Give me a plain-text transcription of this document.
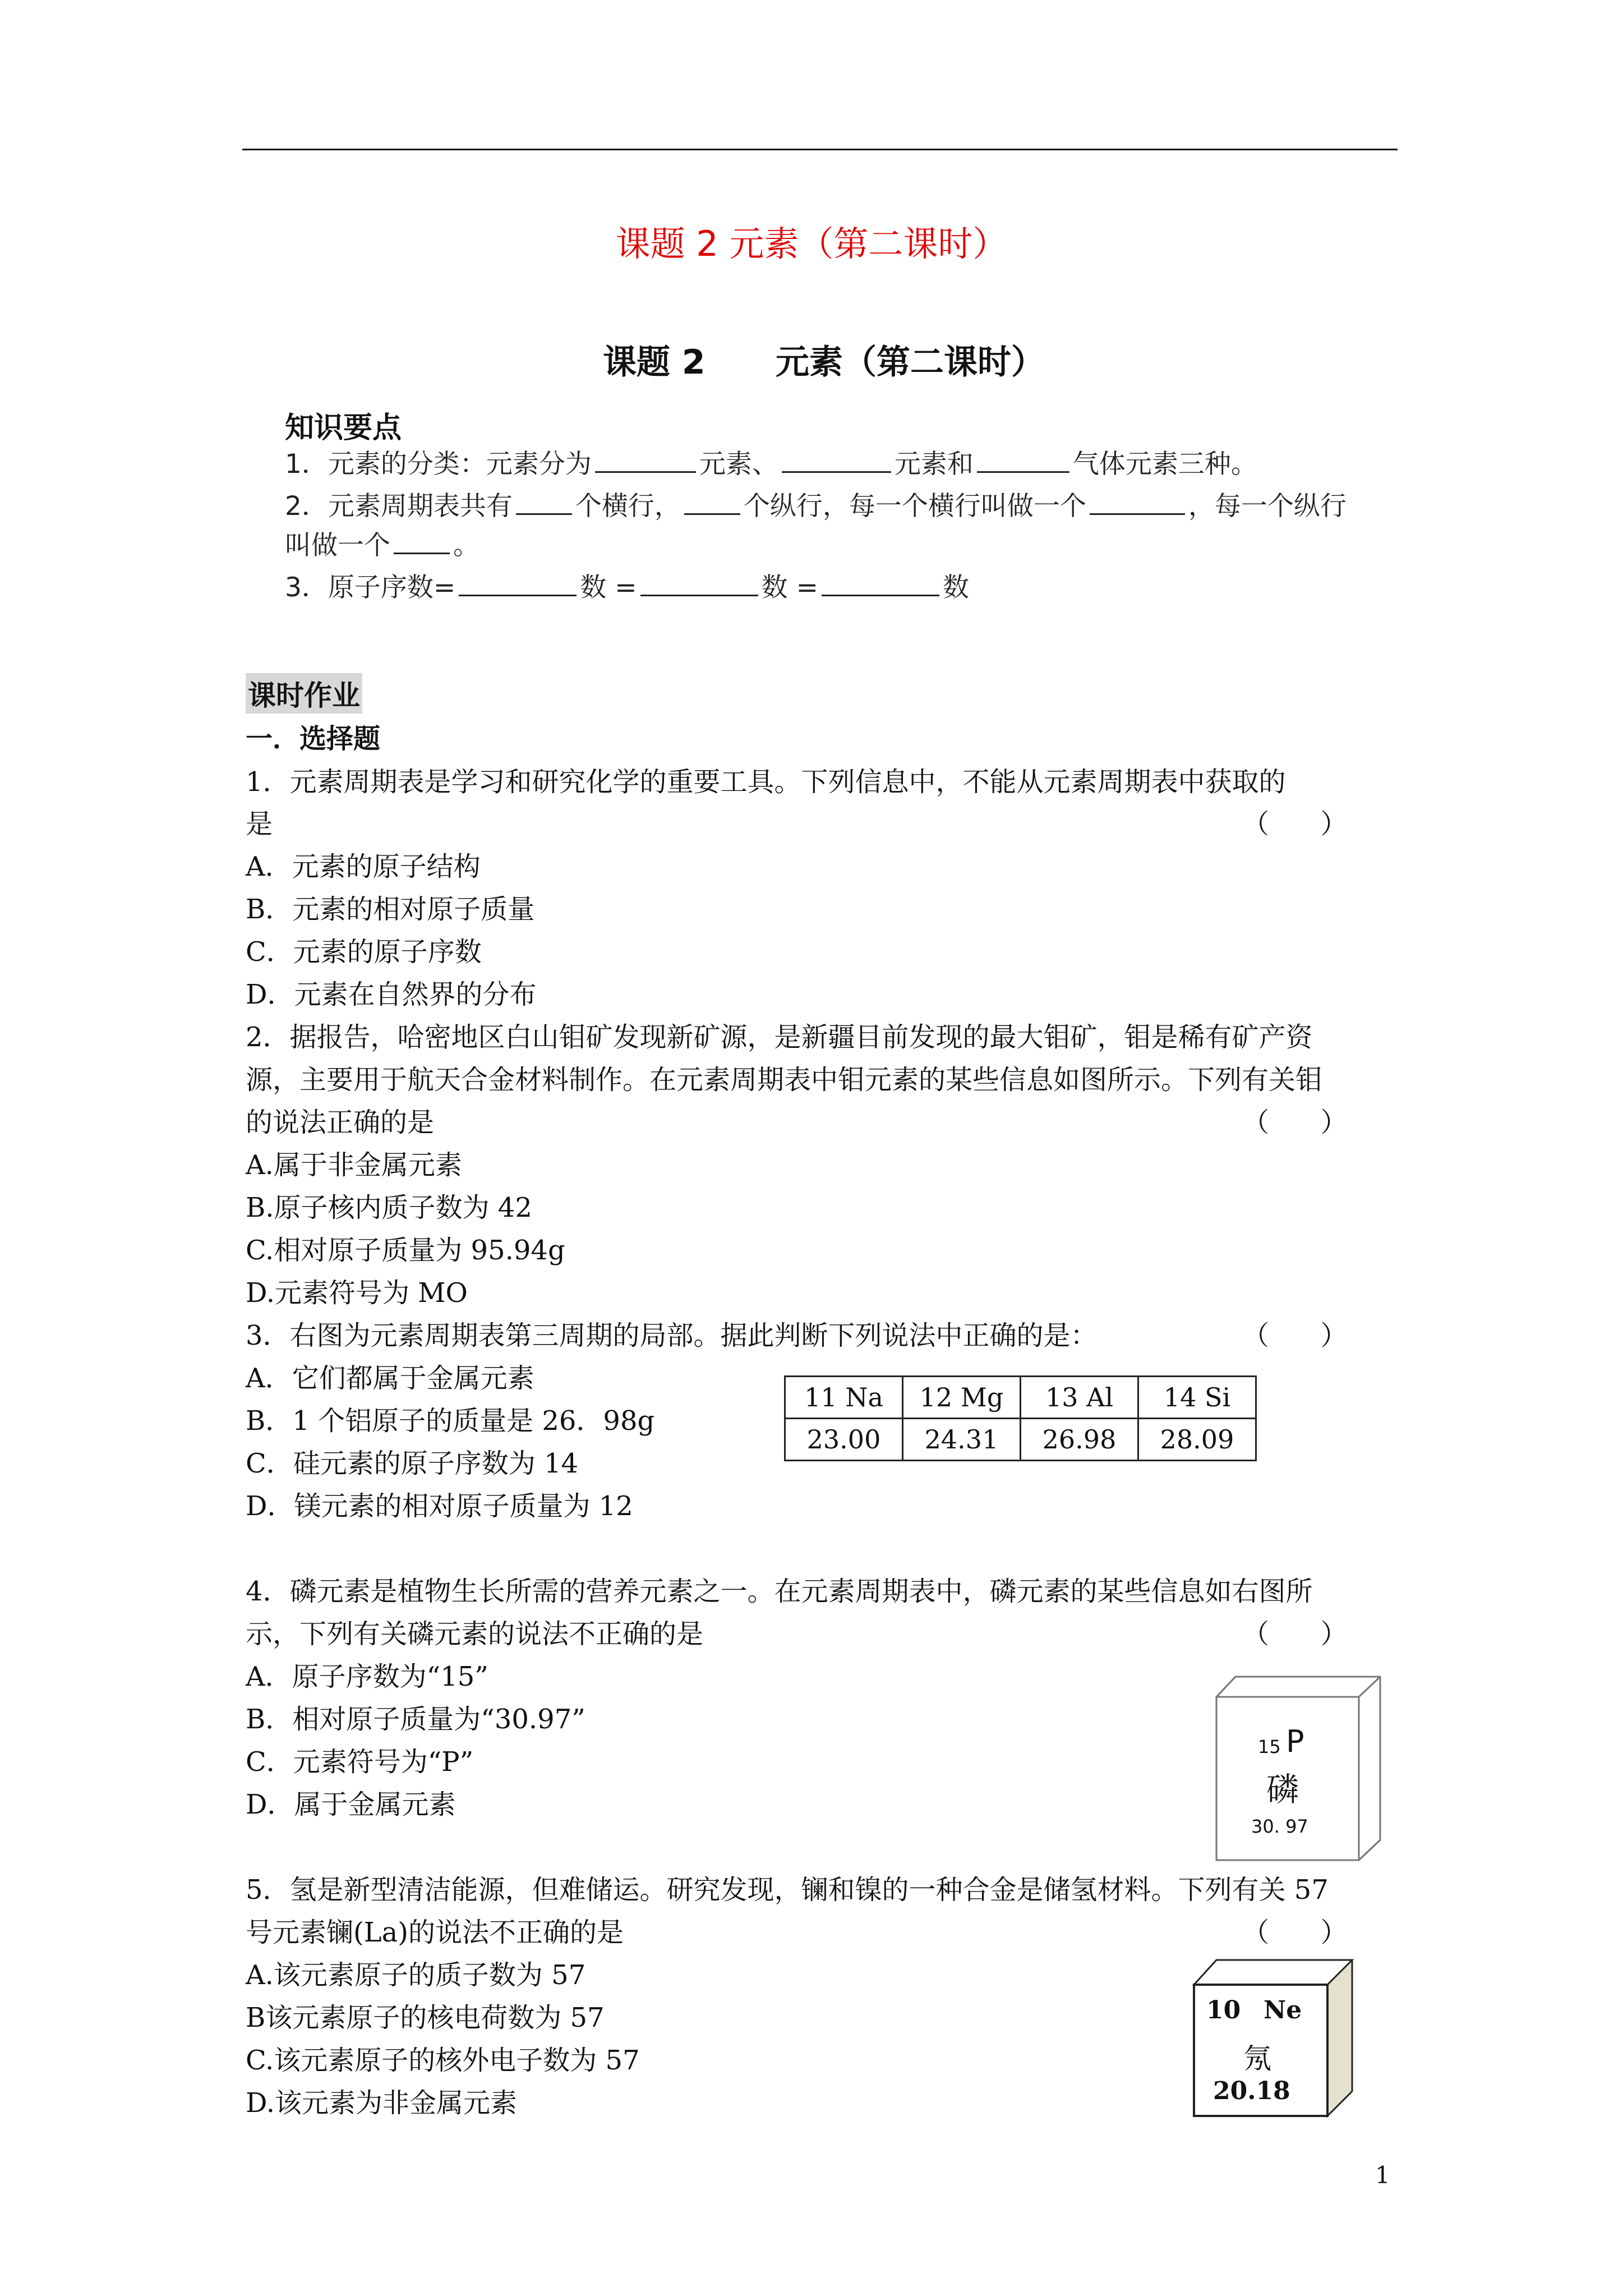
课题 2 元素（第二课时）
课题 2      元素（第二课时）
知识要点
1．元素的分类：元素分为	元素、	元素和	气体元素三种。
2．元素周期表共有 个横行， 个纵行，每一个横行叫做一个	，每一个纵行
叫做一个 。
3．原子序数=	数 =	数 =	数
课时作业
一．选择题
1．元素周期表是学习和研究化学的重要工具。下列信息中，不能从元素周期表中获取的
是	（      ）
A．元素的原子结构
B．元素的相对原子质量
C．元素的原子序数
D．元素在自然界的分布
2．据报告，哈密地区白山钼矿发现新矿源，是新疆目前发现的最大钼矿，钼是稀有矿产资
源，主要用于航天合金材料制作。在元素周期表中钼元素的某些信息如图所示。下列有关钼
的说法正确的是	（      ）
A.属于非金属元素
B.原子核内质子数为 42
C.相对原子质量为 95.94g
D.元素符号为 MO
3．右图为元素周期表第三周期的局部。据此判断下列说法中正确的是：	（      ）
A．它们都属于金属元素
B．1 个铝原子的质量是 26．98g
C．硅元素的原子序数为 14
D．镁元素的相对原子质量为 12
11 Na	12 Mg	13 Al	14 Si
23.00	24.31	26.98	28.09
4．磷元素是植物生长所需的营养元素之一。在元素周期表中，磷元素的某些信息如右图所
示，下列有关磷元素的说法不正确的是	（      ）
A．原子序数为“15”
B．相对原子质量为“30.97”
C．元素符号为“P”
D．属于金属元素
15 P
磷
30. 97
5．氢是新型清洁能源，但难储运。研究发现，镧和镍的一种合金是储氢材料。下列有关 57
号元素镧(La)的说法不正确的是	（      ）
A.该元素原子的质子数为 57
B该元素原子的核电荷数为 57
C.该元素原子的核外电子数为 57
D.该元素为非金属元素
10 Ne
氖
20.18
1
